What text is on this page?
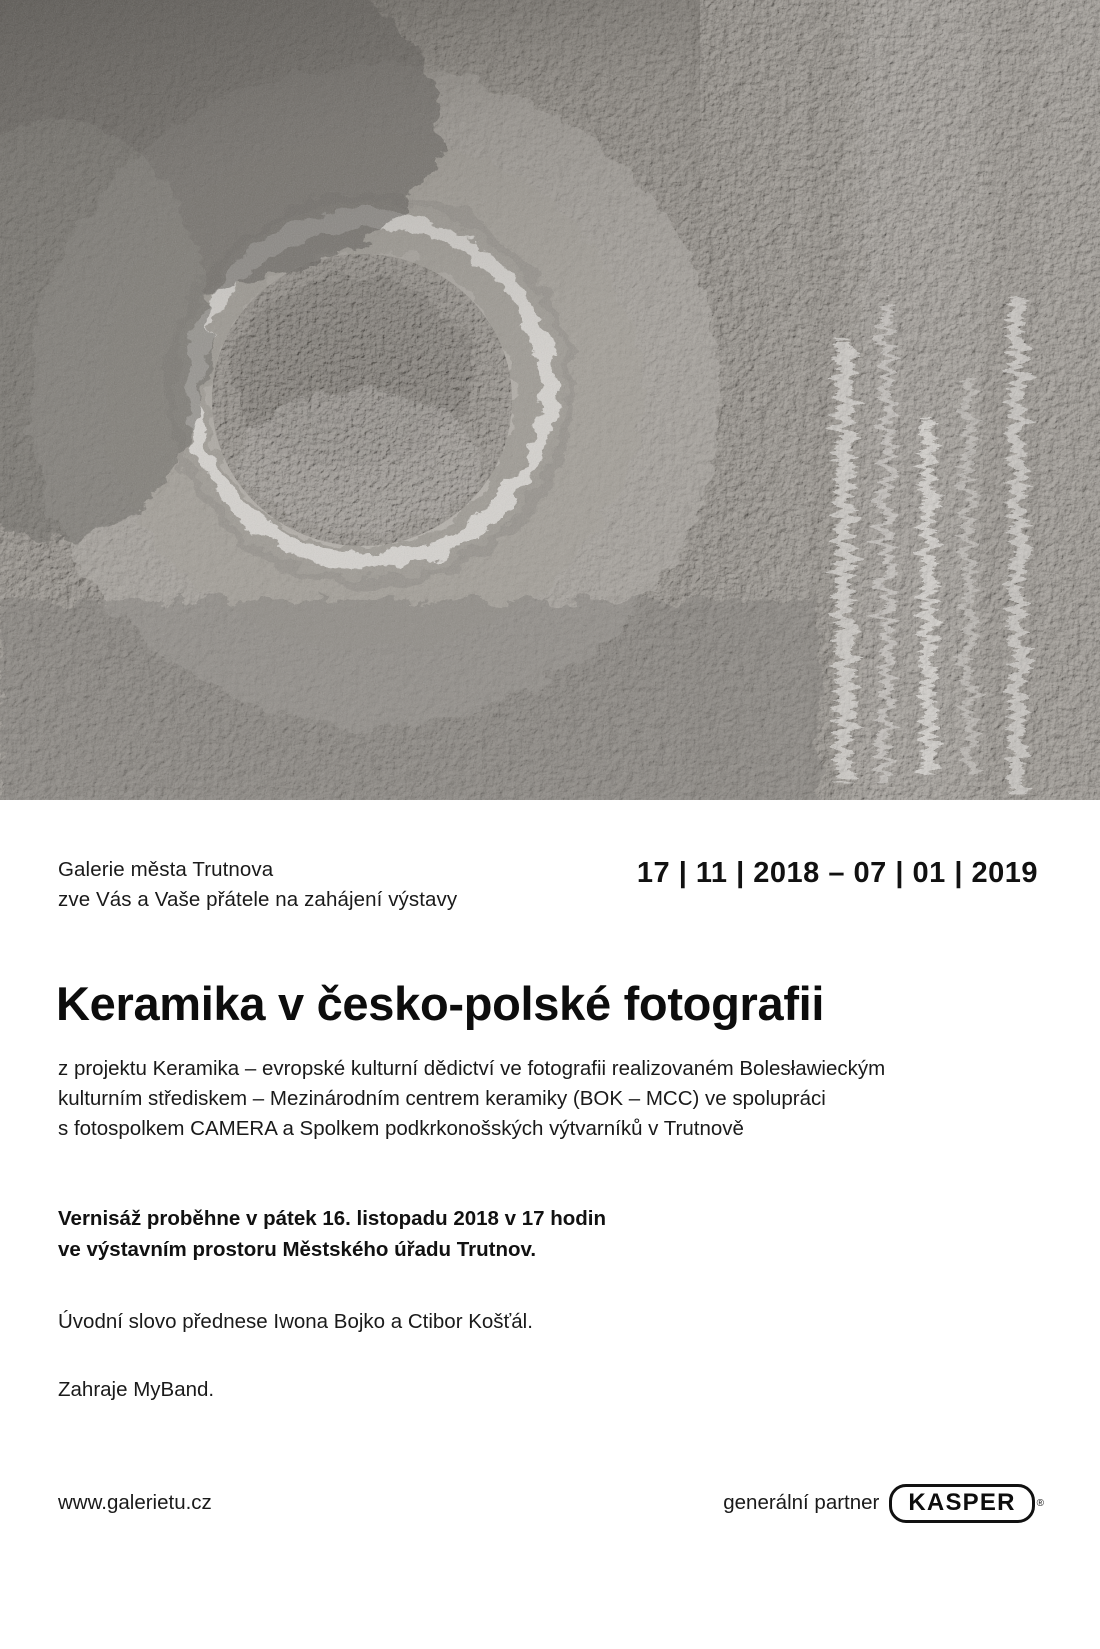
Galerie města Trutnova
zve Vás a Vaše přátele na zahájení výstavy
17 | 11 | 2018 – 07 | 01 | 2019
Keramika v česko-polské fotografii
z projektu Keramika – evropské kulturní dědictví ve fotografii realizovaném Bolesławieckým
kulturním střediskem – Mezinárodním centrem keramiky (BOK – MCC) ve spolupráci
s fotospolkem CAMERA a Spolkem podkrkonošských výtvarníků v Trutnově
Vernisáž proběhne v pátek 16. listopadu 2018 v 17 hodin
ve výstavním prostoru Městského úřadu Trutnov.
Úvodní slovo přednese Iwona Bojko a Ctibor Košťál.
Zahraje MyBand.
www.galerietu.cz	generální partner	KASPER	®
